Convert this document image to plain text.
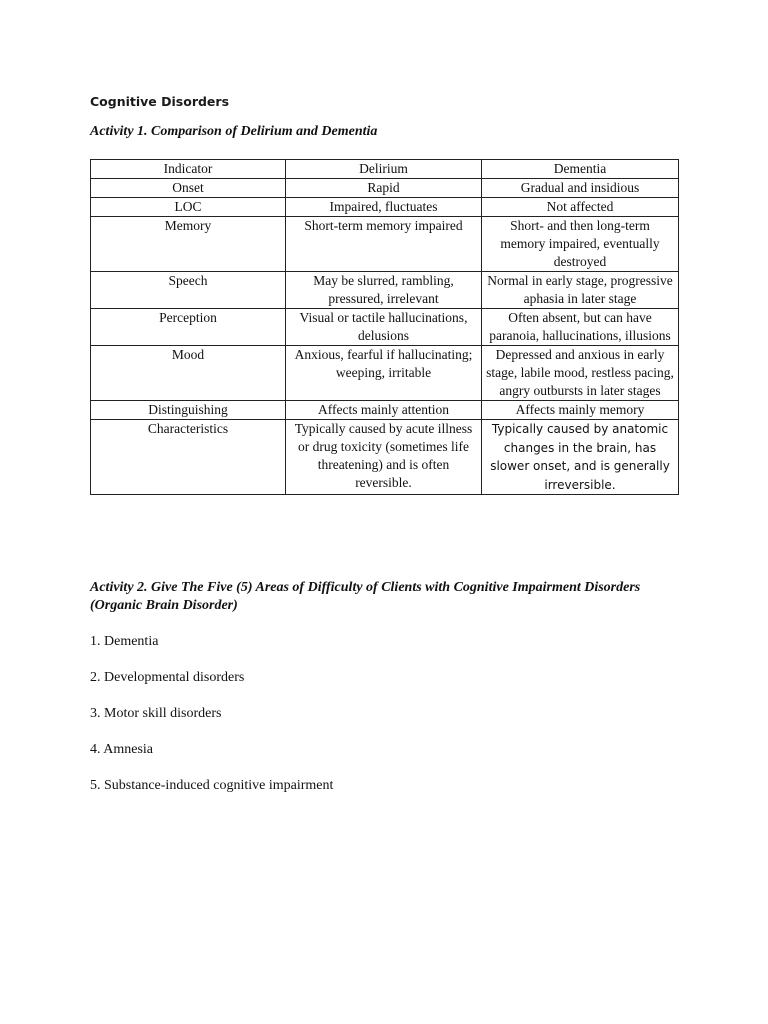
Cognitive Disorders
Activity 1. Comparison of Delirium and Dementia
Indicator	Delirium	Dementia
Onset	Rapid	Gradual and insidious
LOC	Impaired, fluctuates	Not affected
Memory	Short-term memory impaired	Short- and then long-term memory impaired, eventually destroyed
Speech	May be slurred, rambling, pressured, irrelevant	Normal in early stage, progressive aphasia in later stage
Perception	Visual or tactile hallucinations, delusions	Often absent, but can have paranoia, hallucinations, illusions
Mood	Anxious, fearful if hallucinating; weeping, irritable	Depressed and anxious in early stage, labile mood, restless pacing, angry outbursts in later stages
Distinguishing	Affects mainly attention	Affects mainly memory
Characteristics	Typically caused by acute illness or drug toxicity (sometimes life threatening) and is often reversible.	Typically caused by anatomic changes in the brain, has slower onset, and is generally irreversible.
Activity 2. Give The Five (5) Areas of Difficulty of Clients with Cognitive Impairment Disorders (Organic Brain Disorder)
1. Dementia
2. Developmental disorders
3. Motor skill disorders
4. Amnesia
5. Substance-induced cognitive impairment
